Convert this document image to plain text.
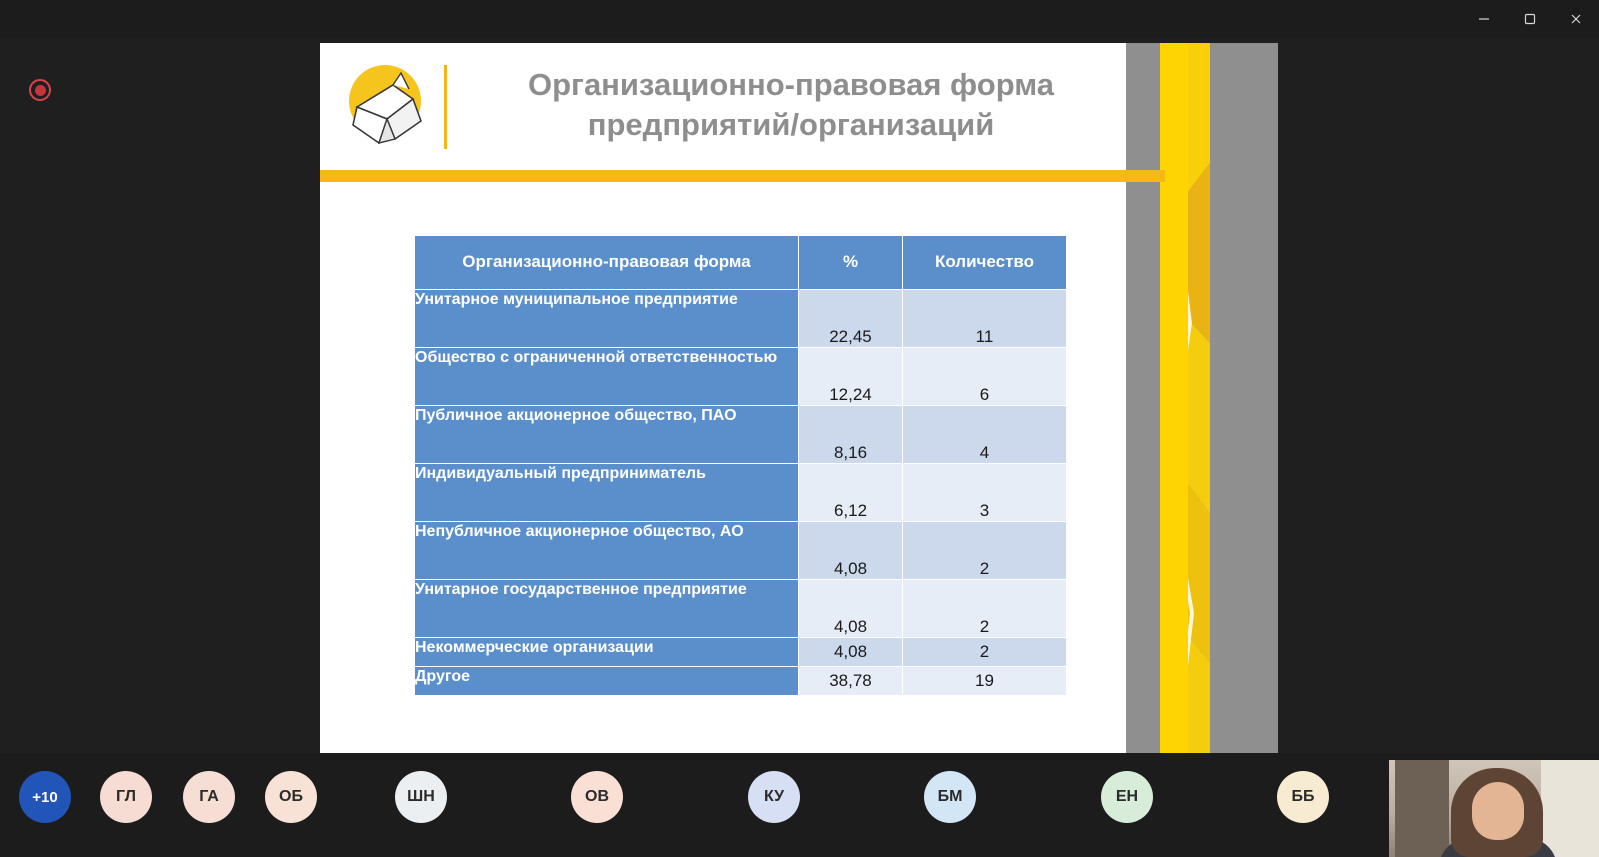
Организационно-правовая форма предприятий/организаций
Организационно-правовая форма	%	Количество
Унитарное муниципальное предприятие	22,45	11
Общество с ограниченной ответственностью	12,24	6
Публичное акционерное общество, ПАО	8,16	4
Индивидуальный предприниматель	6,12	3
Непубличное акционерное общество, АО	4,08	2
Унитарное государственное предприятие	4,08	2
Некоммерческие организации	4,08	2
Другое	38,78	19
+10	ГЛ	ГА	ОБ	ШН	ОВ	КУ	БМ	ЕН	ББ
